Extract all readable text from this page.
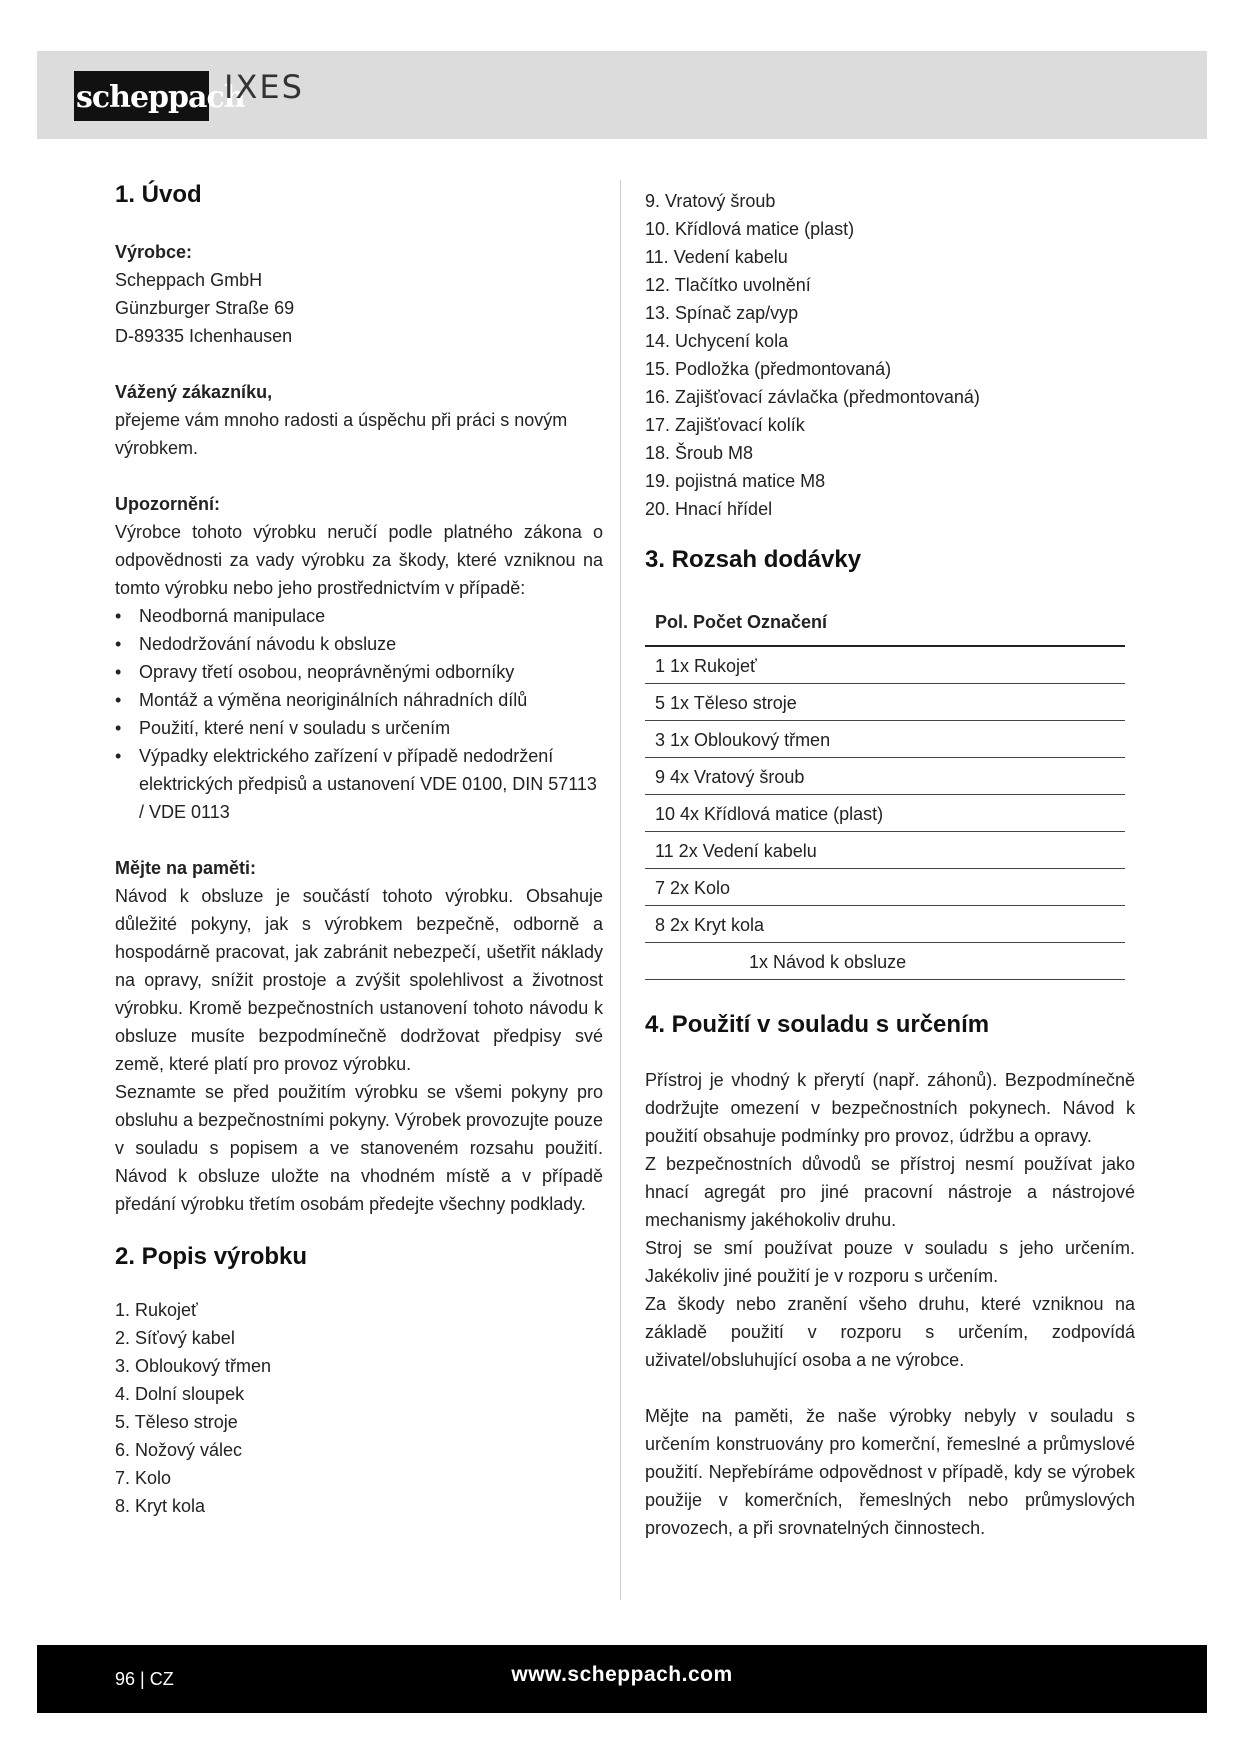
scheppach
IXES
1. Úvod

Výrobce:

Scheppach GmbH

Günzburger Straße 69

D-89335 Ichenhausen

Vážený zákazníku,

přejeme vám mnoho radosti a úspěchu při práci s novým výrobkem.

Upozornění:

Výrobce tohoto výrobku neručí podle platného zákona o odpovědnosti za vady výrobku za škody, které vzniknou na tomto výrobku nebo jeho prostřednictvím v případě:

• Neodborná manipulace
• Nedodržování návodu k obsluze
• Opravy třetí osobou, neoprávněnými odborníky
• Montáž a výměna neoriginálních náhradních dílů
• Použití, které není v souladu s určením
• Výpadky elektrického zařízení v případě nedodržení elektrických předpisů a ustanovení VDE 0100, DIN 57113 / VDE 0113

Mějte na paměti:

Návod k obsluze je součástí tohoto výrobku. Obsahuje důležité pokyny, jak s výrobkem bezpečně, odborně a hospodárně pracovat, jak zabránit nebezpečí, ušetřit náklady na opravy, snížit prostoje a zvýšit spolehlivost a životnost výrobku. Kromě bezpečnostních ustanovení tohoto návodu k obsluze musíte bezpodmínečně dodržovat předpisy své země, které platí pro provoz výrobku.

Seznamte se před použitím výrobku se všemi pokyny pro obsluhu a bezpečnostními pokyny. Výrobek provozujte pouze v souladu s popisem a ve stanoveném rozsahu použití. Návod k obsluze uložte na vhodném místě a v případě předání výrobku třetím osobám předejte všechny podklady.

2. Popis výrobku
1. Rukojeť
2. Síťový kabel
3. Obloukový třmen
4. Dolní sloupek
5. Těleso stroje
6. Nožový válec
7. Kolo
8. Kryt kola
9. Vratový šroub
10. Křídlová matice (plast)
11. Vedení kabelu
12. Tlačítko uvolnění
13. Spínač zap/vyp
14. Uchycení kola
15. Podložka (předmontovaná)
16. Zajišťovací závlačka (předmontovaná)
17. Zajišťovací kolík
18. Šroub M8
19. pojistná matice M8
20. Hnací hřídel
3. Rozsah dodávky
Pol. Počet Označení
1 1x Rukojeť
5 1x Těleso stroje
3 1x Obloukový třmen
9 4x Vratový šroub
10 4x Křídlová matice (plast)
11 2x Vedení kabelu
7 2x Kolo
8 2x Kryt kola
1x Návod k obsluze
4. Použití v souladu s určením

Přístroj je vhodný k přerytí (např. záhonů). Bezpodmínečně dodržujte omezení v bezpečnostních pokynech. Návod k použití obsahuje podmínky pro provoz, údržbu a opravy.

Z bezpečnostních důvodů se přístroj nesmí používat jako hnací agregát pro jiné pracovní nástroje a nástrojové mechanismy jakéhokoliv druhu.

Stroj se smí používat pouze v souladu s jeho určením. Jakékoliv jiné použití je v rozporu s určením.

Za škody nebo zranění všeho druhu, které vzniknou na základě použití v rozporu s určením, zodpovídá uživatel/obsluhující osoba a ne výrobce.

Mějte na paměti, že naše výrobky nebyly v souladu s určením konstruovány pro komerční, řemeslné a průmyslové použití. Nepřebíráme odpovědnost v případě, kdy se výrobek použije v komerčních, řemeslných nebo průmyslových provozech, a při srovnatelných činnostech.

96 | CZ	www.scheppach.com
